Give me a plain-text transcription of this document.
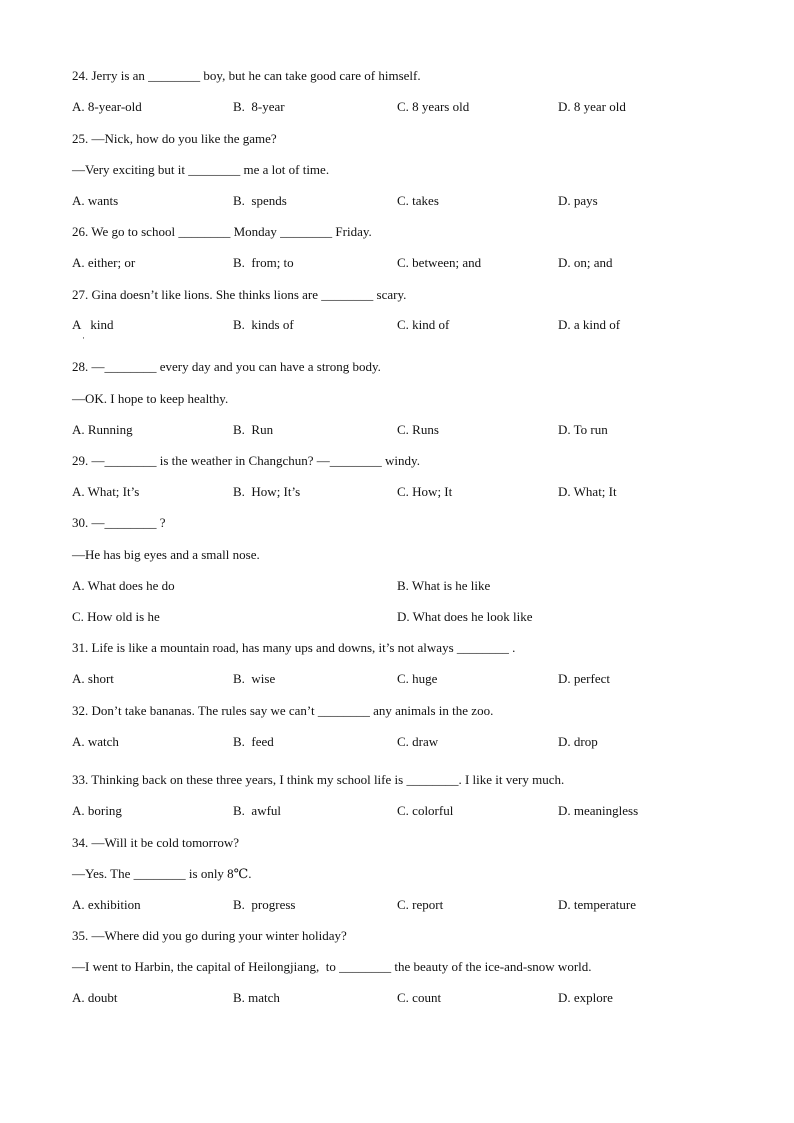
24. Jerry is an ________ boy, but he can take good care of himself.
A. 8-year-old	B.  8-year	C. 8 years old	D. 8 year old
25. —Nick, how do you like the game?
—Very exciting but it ________ me a lot of time.
A. wants	B.  spends	C. takes	D. pays
26. We go to school ________ Monday ________ Friday.
A. either; or	B.  from; to	C. between; and	D. on; and
27. Gina doesn’t like lions. She thinks lions are ________ scary.
A   kind	B.  kinds of	C. kind of	D. a kind of
·
28. —________ every day and you can have a strong body.
—OK. I hope to keep healthy.
A. Running	B.  Run	C. Runs	D. To run
29. —________ is the weather in Changchun? —________ windy.
A. What; It’s	B.  How; It’s	C. How; It	D. What; It
30. —________ ?
—He has big eyes and a small nose.
A. What does he do	B. What is he like
C. How old is he	D. What does he look like
31. Life is like a mountain road, has many ups and downs, it’s not always ________ .
A. short	B.  wise	C. huge	D. perfect
32. Don’t take bananas. The rules say we can’t ________ any animals in the zoo.
A. watch	B.  feed	C. draw	D. drop
33. Thinking back on these three years, I think my school life is ________. I like it very much.
A. boring	B.  awful	C. colorful	D. meaningless
34. —Will it be cold tomorrow?
—Yes. The ________ is only 8℃.
A. exhibition	B.  progress	C. report	D. temperature
35. —Where did you go during your winter holiday?
—I went to Harbin, the capital of Heilongjiang,  to ________ the beauty of the ice-and-snow world.
A. doubt	B. match	C. count	D. explore
